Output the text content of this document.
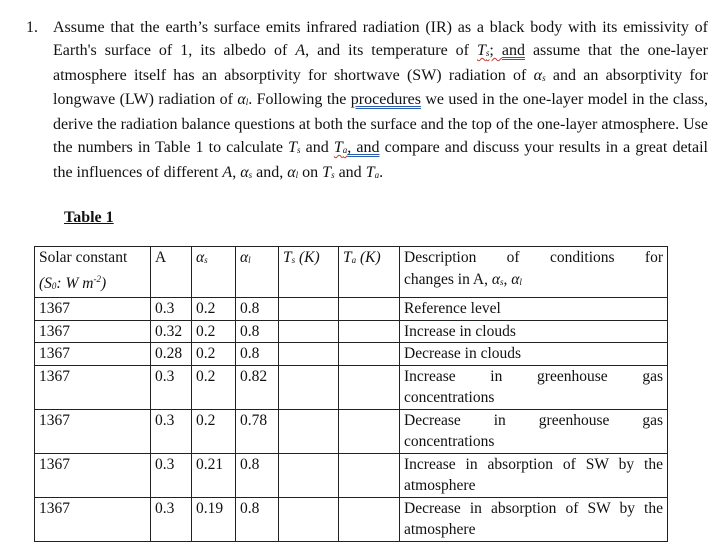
1. Assume that the earth’s surface emits infrared radiation (IR) as a black body with its emissivity of Earth's surface of 1, its albedo of A, and its temperature of Ts; and assume that the one-layer atmosphere itself has an absorptivity for shortwave (SW) radiation of αs and an absorptivity for longwave (LW) radiation of αl. Following the procedures we used in the one-layer model in the class, derive the radiation balance questions at both the surface and the top of the one-layer atmosphere. Use the numbers in Table 1 to calculate Ts and Ta, and compare and discuss your results in a great detail the influences of different A, αs and, αl on Ts and Ta.
Table 1
Solar constant
(S0: W $m^{-2}$)	A	αs	αl	Ts (K)	Ta (K)	Description of conditions for
changes in A, αs, αl
1367	0.3	0.2	0.8			Reference level
1367	0.32	0.2	0.8			Increase in clouds
1367	0.28	0.2	0.8			Decrease in clouds
1367	0.3	0.2	0.82			Increase in greenhouse gas
concentrations
1367	0.3	0.2	0.78			Decrease in greenhouse gas
concentrations
1367	0.3	0.21	0.8			Increase in absorption of SW by the
atmosphere
1367	0.3	0.19	0.8			Decrease in absorption of SW by the
atmosphere
